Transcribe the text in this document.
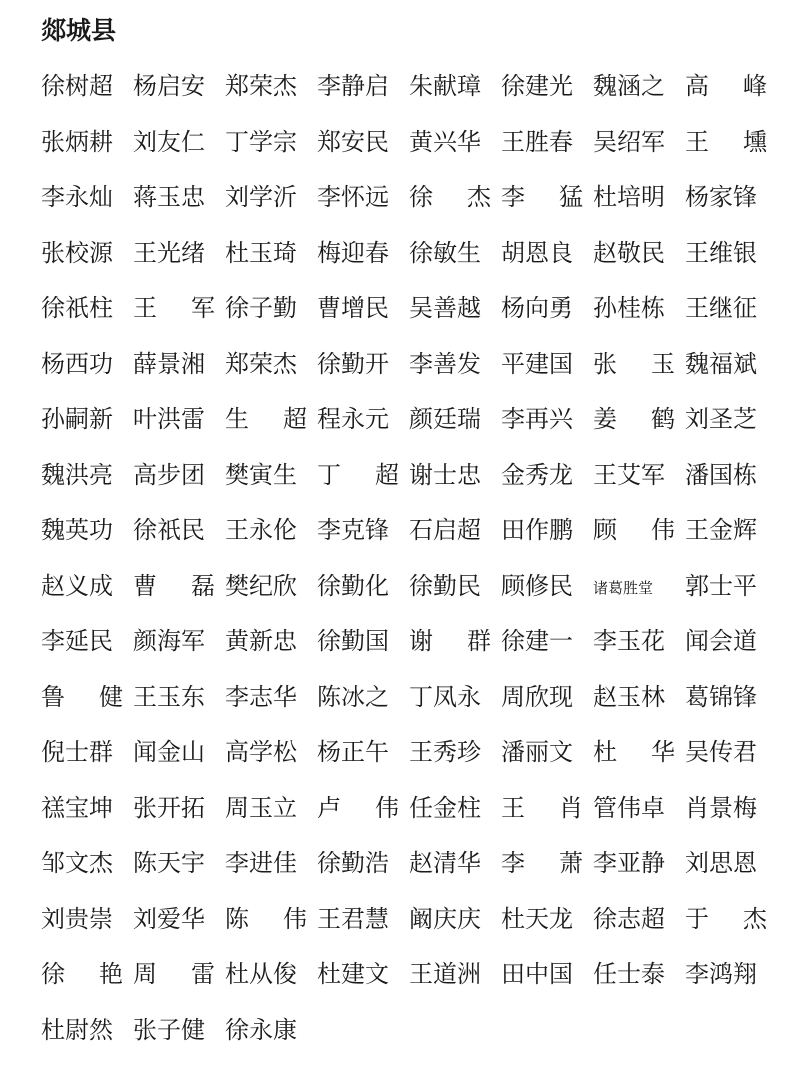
郯城县
徐树超 杨启安 郑荣杰 李静启 朱献璋 徐建光 魏涵之 高 峰
张炳耕 刘友仁 丁学宗 郑安民 黄兴华 王胜春 吴绍军 王 壎
李永灿 蒋玉忠 刘学沂 李怀远 徐 杰 李 猛 杜培明 杨家锋
张校源 王光绪 杜玉琦 梅迎春 徐敏生 胡恩良 赵敬民 王维银
徐祇柱 王 军 徐子勤 曹增民 吴善越 杨向勇 孙桂栋 王继征
杨西功 薛景湘 郑荣杰 徐勤开 李善发 平建国 张 玉 魏福斌
孙嗣新 叶洪雷 生 超 程永元 颜廷瑞 李再兴 姜 鹤 刘圣芝
魏洪亮 高步团 樊寅生 丁 超 谢士忠 金秀龙 王艾军 潘国栋
魏英功 徐祇民 王永伦 李克锋 石启超 田作鹏 顾 伟 王金辉
赵义成 曹 磊 樊纪欣 徐勤化 徐勤民 顾修民	诸葛胜堂	郭士平
李延民 颜海军 黄新忠 徐勤国 谢 群 徐建一 李玉花 闻会道
鲁 健 王玉东 李志华 陈冰之 丁凤永 周欣现 赵玉林 葛锦锋
倪士群 闻金山 高学松 杨正午 王秀珍 潘丽文 杜 华 吴传君
禚宝坤 张开拓 周玉立 卢 伟 任金柱 王 肖 管伟卓 肖景梅
邹文杰 陈天宇 李进佳 徐勤浩 赵清华 李 萧 李亚静 刘思恩
刘贵崇 刘爱华 陈 伟 王君慧 阚庆庆 杜天龙 徐志超 于 杰
徐 艳 周 雷 杜从俊 杜建文 王道洲 田中国 任士泰 李鸿翔
杜尉然 张子健 徐永康
